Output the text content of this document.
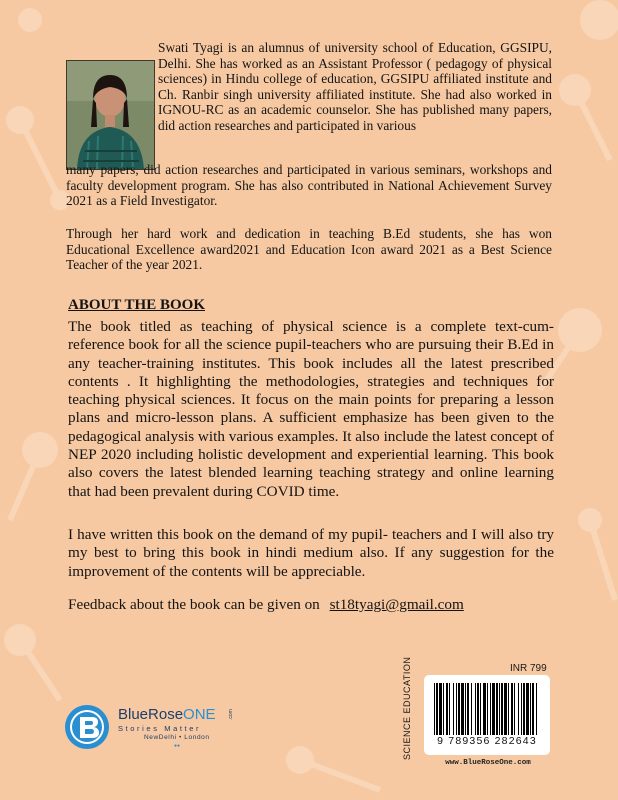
Swati Tyagi is an alumnus of university school of Education, GGSIPU, Delhi. She has worked as an Assistant Professor ( pedagogy of physical sciences) in Hindu college of education, GGSIPU affiliated institute and Ch. Ranbir singh university affiliated institute. She had also worked in IGNOU-RC as an academic counselor. She has published many papers, did action researches and participated in various

many papers, did action researches and participated in various seminars, workshops and faculty development program. She has also contributed in National Achievement Survey 2021 as a Field Investigator.

Through her hard work and dedication in teaching B.Ed students, she has won Educational Excellence award2021 and Education Icon award 2021 as a Best Science Teacher of the year 2021.

ABOUT THE BOOK

The book titled as teaching of physical science is a complete text-cum-reference book for all the science pupil-teachers who are pursuing their B.Ed in any teacher-training institutes. This book includes all the latest prescribed contents . It highlighting the methodologies, strategies and techniques for teaching physical sciences. It focus on the main points for preparing a lesson plans and micro-lesson plans. A sufficient emphasize has been given to the pedagogical analysis with various examples. It also include the latest concept of NEP 2020 including holistic development and experiential learning. This book also covers the latest blended learning teaching strategy and online learning that had been prevalent during COVID time.

I have written this book on the demand of my pupil- teachers and I will also try my best to bring this book in hindi medium also. If any suggestion for the improvement of the contents will be appreciable.

Feedback about the book can be given on st18tyagi@gmail.com

BlueRoseONE .com
Stories Matter
NewDelhi • London
●●	SCIENCE EDUCATION	INR 799
9 789356 282643
www.BlueRoseOne.com
